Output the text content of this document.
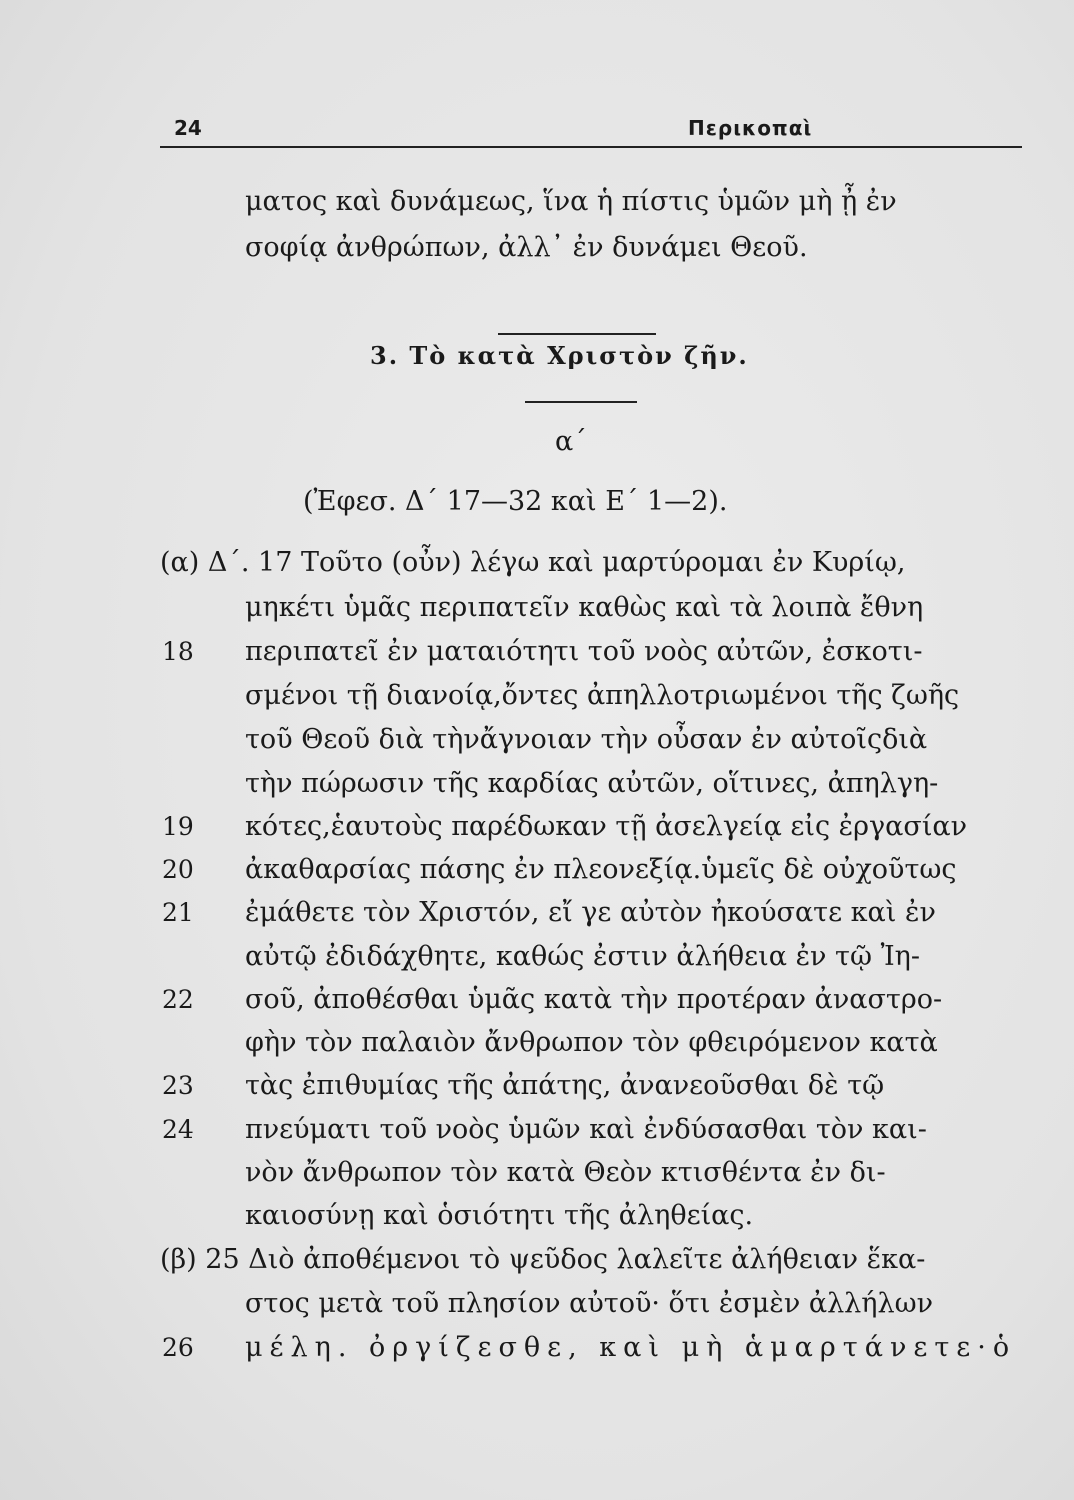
24	Περικοπαὶ
ματος καὶ δυνάμεως, ἵνα ἡ πίστις ὑμῶν μὴ ᾖ ἐν
σοφίᾳ ἀνθρώπων, ἀλλ᾿ ἐν δυνάμει Θεοῦ.
3. Τὸ κατὰ Χριστὸν ζῆν.
α΄
(Ἐφεσ. Δ΄ 17—32 καὶ Ε΄ 1—2).
(α) Δ΄. 17 Τοῦτο (οὖν) λέγω καὶ μαρτύρομαι ἐν Κυρίῳ,
μηκέτι ὑμᾶς περιπατεῖν καθὼς καὶ τὰ λοιπὰ ἔθνη
18 περιπατεῖ ἐν ματαιότητι τοῦ νοὸς αὐτῶν, ἐσκοτι-
σμένοι τῇ διανοίᾳ,ὄντες ἀπηλλοτριωμένοι τῆς ζωῆς
τοῦ Θεοῦ διὰ τὴνἄγνοιαν τὴν οὖσαν ἐν αὐτοῖςδιὰ
τὴν πώρωσιν τῆς καρδίας αὐτῶν, οἵτινες, ἀπηλγη-
19 κότες,ἑαυτοὺς παρέδωκαν τῇ ἀσελγείᾳ εἰς ἐργασίαν
20 ἀκαθαρσίας πάσης ἐν πλεονεξίᾳ.ὑμεῖς δὲ οὐχοῦτως
21 ἐμάθετε τὸν Χριστόν, εἴ γε αὐτὸν ἠκούσατε καὶ ἐν
αὐτῷ ἐδιδάχθητε, καθώς ἐστιν ἀλήθεια ἐν τῷ Ἰη-
22 σοῦ, ἀποθέσθαι ὑμᾶς κατὰ τὴν προτέραν ἀναστρο-
φὴν τὸν παλαιὸν ἄνθρωπον τὸν φθειρόμενον κατὰ
23 τὰς ἐπιθυμίας τῆς ἀπάτης, ἀνανεοῦσθαι δὲ τῷ
24 πνεύματι τοῦ νοὸς ὑμῶν καὶ ἐνδύσασθαι τὸν και-
νὸν ἄνθρωπον τὸν κατὰ Θεὸν κτισθέντα ἐν δι-
καιοσύνῃ καὶ ὁσιότητι τῆς ἀληθείας.
(β) 25 Διὸ ἀποθέμενοι τὸ ψεῦδος λαλεῖτε ἀλήθειαν ἕκα-
στος μετὰ τοῦ πλησίον αὐτοῦ· ὅτι ἐσμὲν ἀλλήλων
26 μέλη. ὀργίζεσθε, καὶ μὴ ἁμαρτάνετε·ὁ
